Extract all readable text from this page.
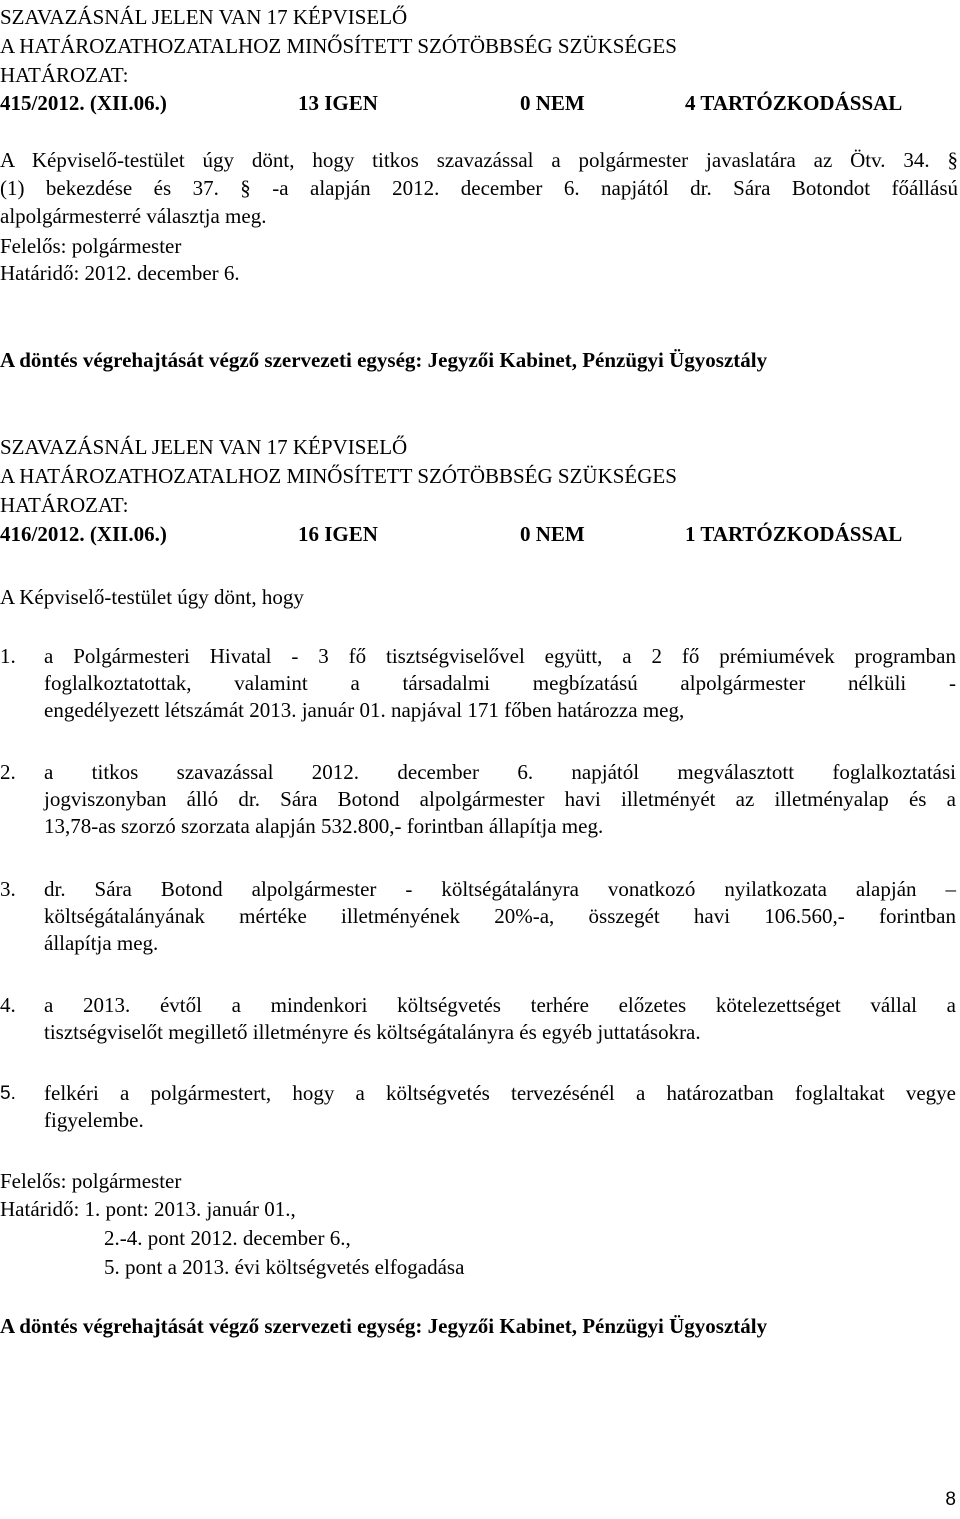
SZAVAZÁSNÁL JELEN VAN 17 KÉPVISELŐ
A HATÁROZATHOZATALHOZ MINŐSÍTETT SZÓTÖBBSÉG SZÜKSÉGES
HATÁROZAT:
415/2012. (XII.06.)	13 IGEN	0 NEM	4 TARTÓZKODÁSSAL
A Képviselő-testület úgy dönt, hogy titkos szavazással a polgármester javaslatára az Ötv. 34. §
(1) bekezdése és 37. § -a alapján 2012. december 6. napjától dr. Sára Botondot főállású
alpolgármesterré választja meg.
Felelős: polgármester
Határidő: 2012. december 6.
A döntés végrehajtását végző szervezeti egység: Jegyzői Kabinet, Pénzügyi Ügyosztály
SZAVAZÁSNÁL JELEN VAN 17 KÉPVISELŐ
A HATÁROZATHOZATALHOZ MINŐSÍTETT SZÓTÖBBSÉG SZÜKSÉGES
HATÁROZAT:
416/2012. (XII.06.)	16 IGEN	0 NEM	1 TARTÓZKODÁSSAL
A Képviselő-testület úgy dönt, hogy
1. a Polgármesteri Hivatal - 3 fő tisztségviselővel együtt, a 2 fő prémiumévek programban
foglalkoztatottak, valamint a társadalmi megbízatású alpolgármester nélküli -
engedélyezett létszámát 2013. január 01. napjával 171 főben határozza meg,
2. a titkos szavazással 2012. december 6. napjától megválasztott foglalkoztatási
jogviszonyban álló dr. Sára Botond alpolgármester havi illetményét az illetményalap és a
13,78-as szorzó szorzata alapján 532.800,- forintban állapítja meg.
3. dr. Sára Botond alpolgármester - költségátalányra vonatkozó nyilatkozata alapján –
költségátalányának mértéke illetményének 20%-a, összegét havi 106.560,- forintban
állapítja meg.
4. a 2013. évtől a mindenkori költségvetés terhére előzetes kötelezettséget vállal a
tisztségviselőt megillető illetményre és költségátalányra és egyéb juttatásokra.
5. felkéri a polgármestert, hogy a költségvetés tervezésénél a határozatban foglaltakat vegye
figyelembe.
Felelős: polgármester
Határidő: 1. pont: 2013. január 01.,
2.-4. pont 2012. december 6.,
5. pont a 2013. évi költségvetés elfogadása
A döntés végrehajtását végző szervezeti egység: Jegyzői Kabinet, Pénzügyi Ügyosztály
8
